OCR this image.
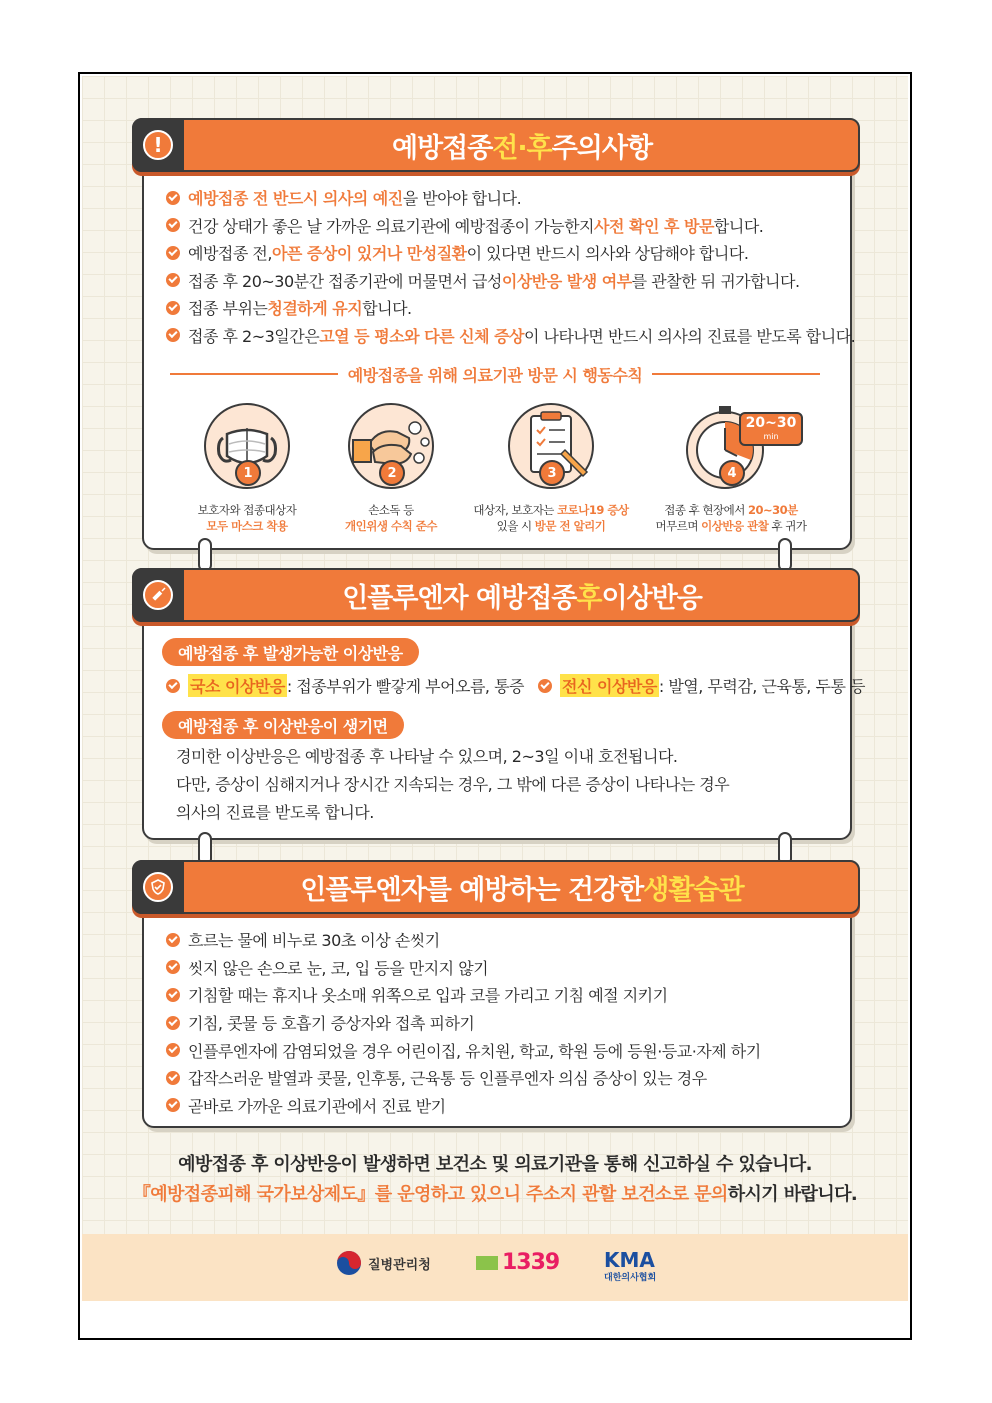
!	예방접종 전·후 주의사항
예방접종 전 반드시 의사의 예진 을 받아야 합니다.
건강 상태가 좋은 날 가까운 의료기관에 예방접종이 가능한지 사전 확인 후 방문 합니다.
예방접종 전, 아픈 증상이 있거나 만성질환 이 있다면 반드시 의사와 상담해야 합니다.
접종 후 20~30분간 접종기관에 머물면서 급성 이상반응 발생 여부 를 관찰한 뒤 귀가합니다.
접종 부위는 청결하게 유지 합니다.
접종 후 2~3일간은 고열 등 평소와 다른 신체 증상 이 나타나면 반드시 의사의 진료를 받도록 합니다.
예방접종을 위해 의료기관 방문 시 행동수칙
1
보호자와 접종대상자
모두 마스크 착용
2
손소독 등
개인위생 수칙 준수
3
대상자, 보호자는 코로나19 증상
있을 시 방문 전 알리기
20~30
min
4
접종 후 현장에서 20~30분
머무르며 이상반응 관찰 후 귀가
인플루엔자 예방접종 후 이상반응
예방접종 후 발생가능한 이상반응
국소 이상반응 : 접종부위가 빨갛게 부어오름, 통증 전신 이상반응 : 발열, 무력감, 근육통, 두통 등
예방접종 후 이상반응이 생기면
경미한 이상반응은 예방접종 후 나타날 수 있으며, 2~3일 이내 호전됩니다.
다만, 증상이 심해지거나 장시간 지속되는 경우, 그 밖에 다른 증상이 나타나는 경우
의사의 진료를 받도록 합니다.
인플루엔자를 예방하는 건강한 생활습관
흐르는 물에 비누로 30초 이상 손씻기
씻지 않은 손으로 눈, 코, 입 등을 만지지 않기
기침할 때는 휴지나 옷소매 위쪽으로 입과 코를 가리고 기침 예절 지키기
기침, 콧물 등 호흡기 증상자와 접촉 피하기
인플루엔자에 감염되었을 경우 어린이집, 유치원, 학교, 학원 등에 등원·등교·자제 하기
갑작스러운 발열과 콧물, 인후통, 근육통 등 인플루엔자 의심 증상이 있는 경우
곧바로 가까운 의료기관에서 진료 받기
예방접종 후 이상반응이 발생하면 보건소 및 의료기관을 통해 신고하실 수 있습니다.
『예방접종피해 국가보상제도』를 운영하고 있으니 주소지 관할 보건소로 문의하시기 바랍니다.
질병관리청	1339 KMA
대한의사협회
